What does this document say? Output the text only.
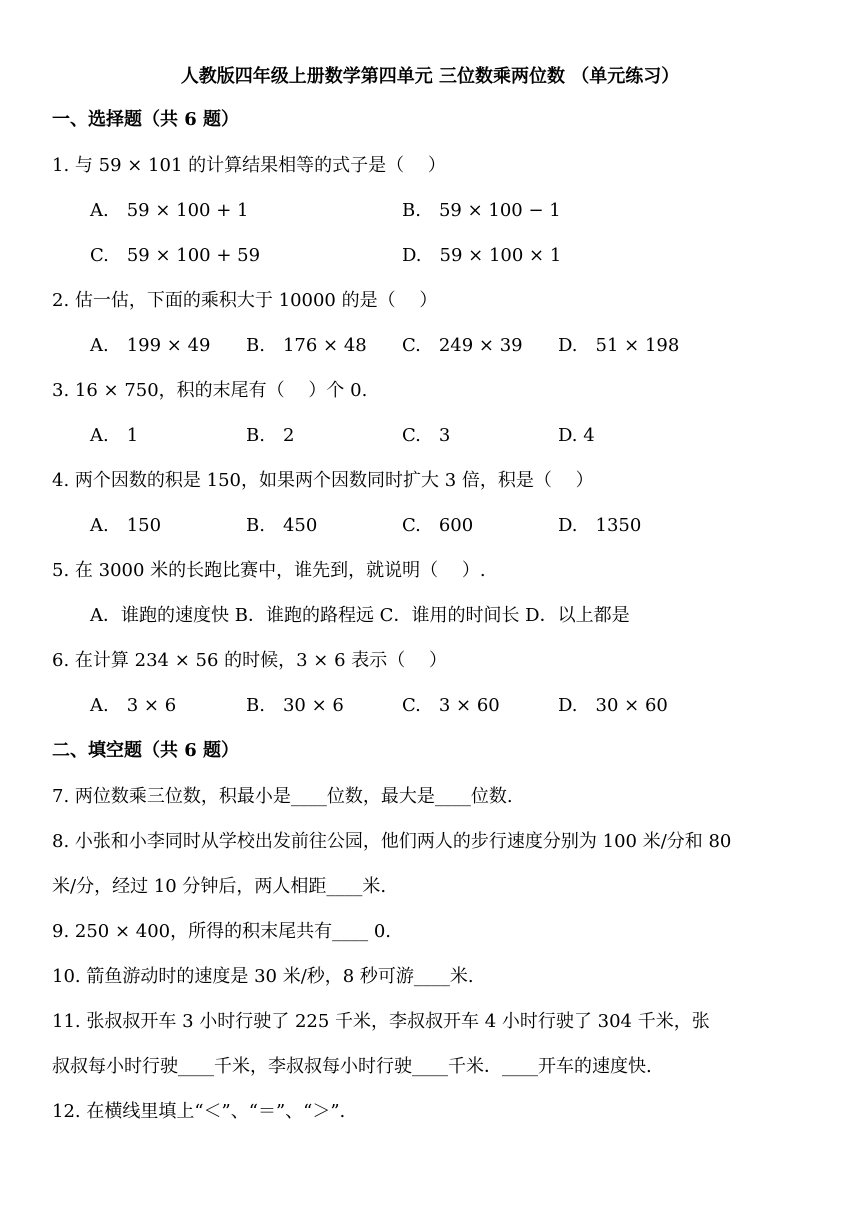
人教版四年级上册数学第四单元 三位数乘两位数 （单元练习）
一、选择题（共 6 题）
1. 与 59 × 101 的计算结果相等的式子是（　 ）
A.　59 × 100 + 1	B.　59 × 100 − 1
C.　59 × 100 + 59	D.　59 × 100 × 1
2. 估一估，下面的乘积大于 10000 的是（　 ）
A.　199 × 49 B.　176 × 48 C.　249 × 39 D.　51 × 198
3. 16 × 750，积的末尾有（　 ）个 0.
A.　1	B.　2	C.　3	D. 4
4. 两个因数的积是 150，如果两个因数同时扩大 3 倍，积是（　 ）
A.　150	B.　450	C.　600	D.　1350
5. 在 3000 米的长跑比赛中，谁先到，就说明（　 ）.
A．谁跑的速度快 B．谁跑的路程远 C．谁用的时间长 D．以上都是
6. 在计算 234 × 56 的时候，3 × 6 表示（　 ）
A.　3 × 6	B.　30 × 6	C.　3 × 60	D.　30 × 60
二、填空题（共 6 题）
7. 两位数乘三位数，积最小是____位数，最大是____位数.
8. 小张和小李同时从学校出发前往公园，他们两人的步行速度分别为 100 米/分和 80
米/分，经过 10 分钟后，两人相距____米.
9. 250 × 400，所得的积末尾共有____ 0.
10. 箭鱼游动时的速度是 30 米/秒，8 秒可游____米.
11. 张叔叔开车 3 小时行驶了 225 千米，李叔叔开车 4 小时行驶了 304 千米，张
叔叔每小时行驶____千米，李叔叔每小时行驶____千米．____开车的速度快.
12. 在横线里填上“＜”、“＝”、“＞”.
